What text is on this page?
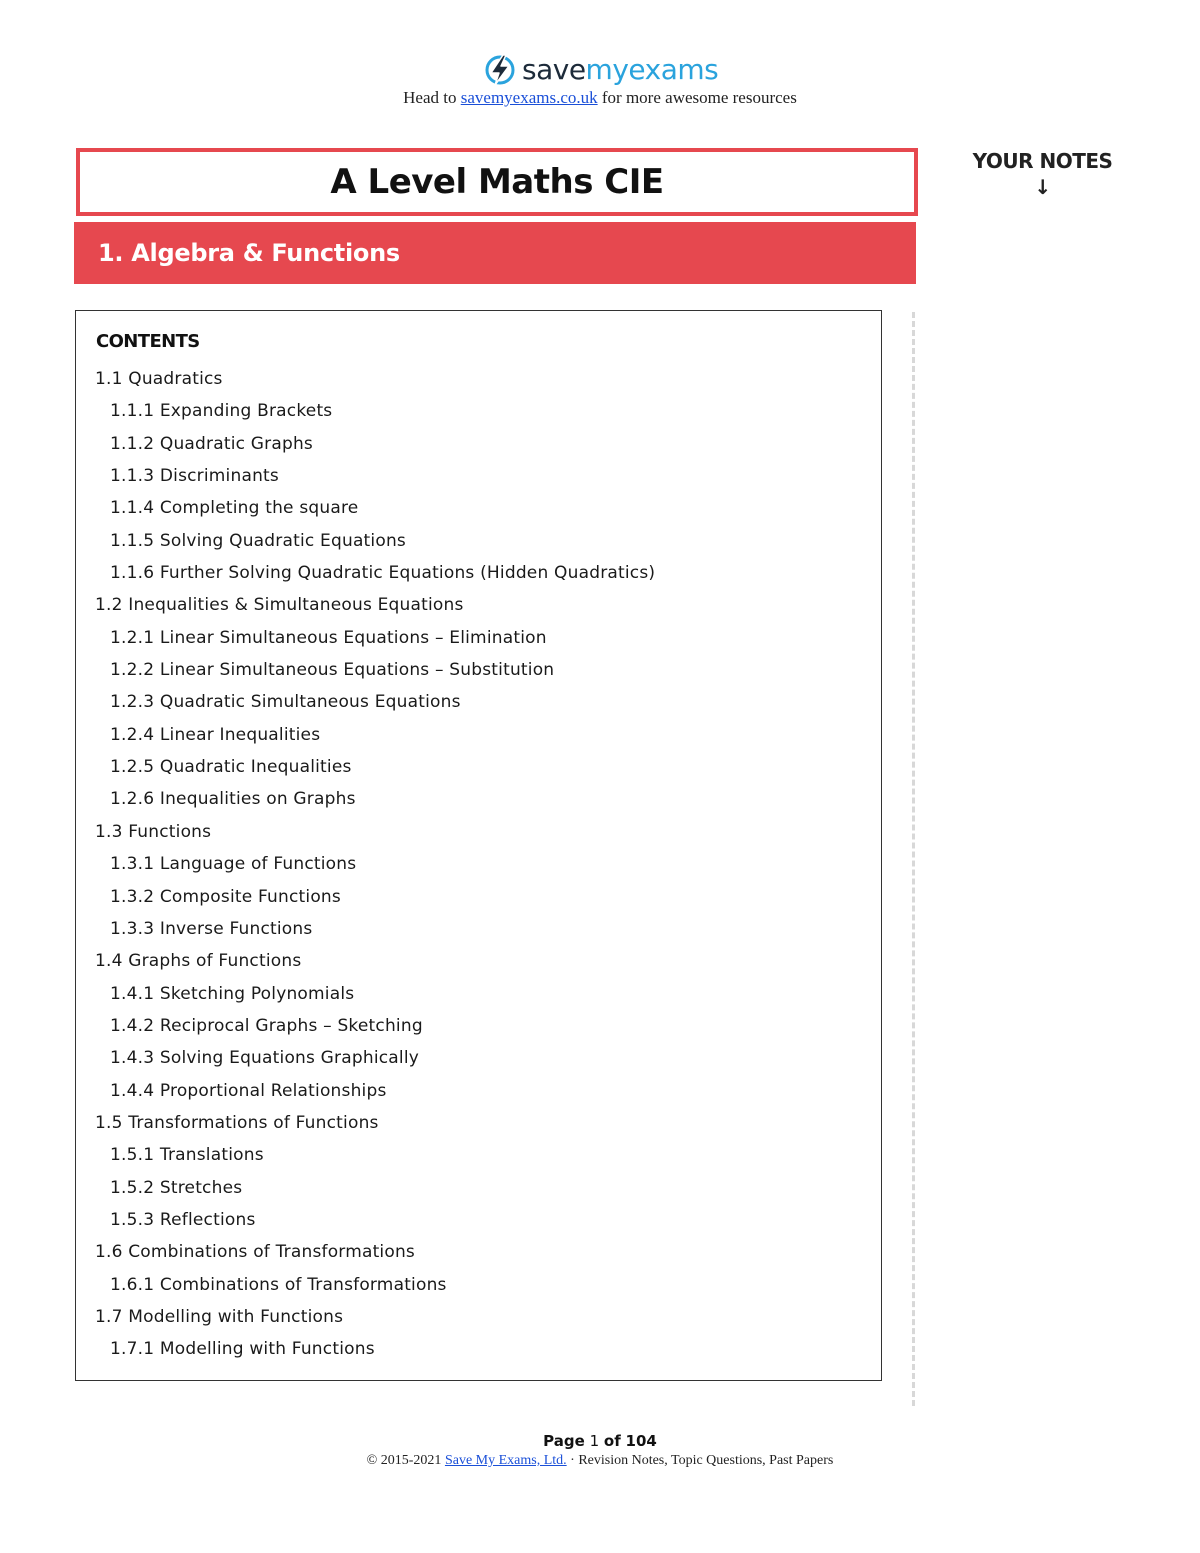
savemyexams
Head to savemyexams.co.uk for more awesome resources
A Level Maths CIE
1. Algebra & Functions
YOUR NOTES
↓
CONTENTS
1.1 Quadratics
1.1.1 Expanding Brackets
1.1.2 Quadratic Graphs
1.1.3 Discriminants
1.1.4 Completing the square
1.1.5 Solving Quadratic Equations
1.1.6 Further Solving Quadratic Equations (Hidden Quadratics)
1.2 Inequalities & Simultaneous Equations
1.2.1 Linear Simultaneous Equations – Elimination
1.2.2 Linear Simultaneous Equations – Substitution
1.2.3 Quadratic Simultaneous Equations
1.2.4 Linear Inequalities
1.2.5 Quadratic Inequalities
1.2.6 Inequalities on Graphs
1.3 Functions
1.3.1 Language of Functions
1.3.2 Composite Functions
1.3.3 Inverse Functions
1.4 Graphs of Functions
1.4.1 Sketching Polynomials
1.4.2 Reciprocal Graphs – Sketching
1.4.3 Solving Equations Graphically
1.4.4 Proportional Relationships
1.5 Transformations of Functions
1.5.1 Translations
1.5.2 Stretches
1.5.3 Reflections
1.6 Combinations of Transformations
1.6.1 Combinations of Transformations
1.7 Modelling with Functions
1.7.1 Modelling with Functions
Page 1 of 104
© 2015-2021 Save My Exams, Ltd. · Revision Notes, Topic Questions, Past Papers
